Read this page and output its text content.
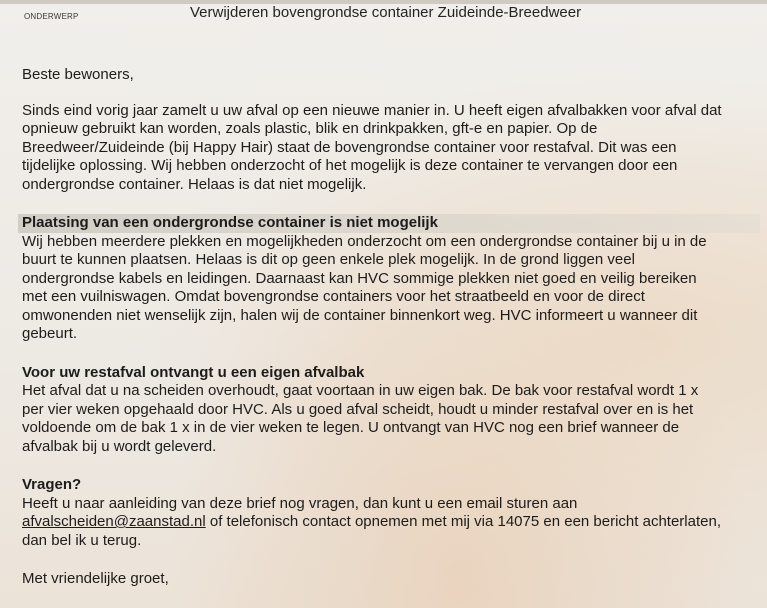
ONDERWERP	Verwijderen bovengrondse container Zuideinde-Breedweer

Beste bewoners,

Sinds eind vorig jaar zamelt u uw afval op een nieuwe manier in. U heeft eigen afvalbakken voor afval dat

opnieuw gebruikt kan worden, zoals plastic, blik en drinkpakken, gft-e en papier. Op de

Breedweer/Zuideinde (bij Happy Hair) staat de bovengrondse container voor restafval. Dit was een

tijdelijke oplossing. Wij hebben onderzocht of het mogelijk is deze container te vervangen door een

ondergrondse container. Helaas is dat niet mogelijk.

Plaatsing van een ondergrondse container is niet mogelijk

Wij hebben meerdere plekken en mogelijkheden onderzocht om een ondergrondse container bij u in de

buurt te kunnen plaatsen. Helaas is dit op geen enkele plek mogelijk. In de grond liggen veel

ondergrondse kabels en leidingen. Daarnaast kan HVC sommige plekken niet goed en veilig bereiken

met een vuilniswagen. Omdat bovengrondse containers voor het straatbeeld en voor de direct

omwonenden niet wenselijk zijn, halen wij de container binnenkort weg. HVC informeert u wanneer dit

gebeurt.

Voor uw restafval ontvangt u een eigen afvalbak

Het afval dat u na scheiden overhoudt, gaat voortaan in uw eigen bak. De bak voor restafval wordt 1 x

per vier weken opgehaald door HVC. Als u goed afval scheidt, houdt u minder restafval over en is het

voldoende om de bak 1 x in de vier weken te legen. U ontvangt van HVC nog een brief wanneer de

afvalbak bij u wordt geleverd.

Vragen?

Heeft u naar aanleiding van deze brief nog vragen, dan kunt u een email sturen aan

afvalscheiden@zaanstad.nl of telefonisch contact opnemen met mij via 14075 en een bericht achterlaten,

dan bel ik u terug.

Met vriendelijke groet,
